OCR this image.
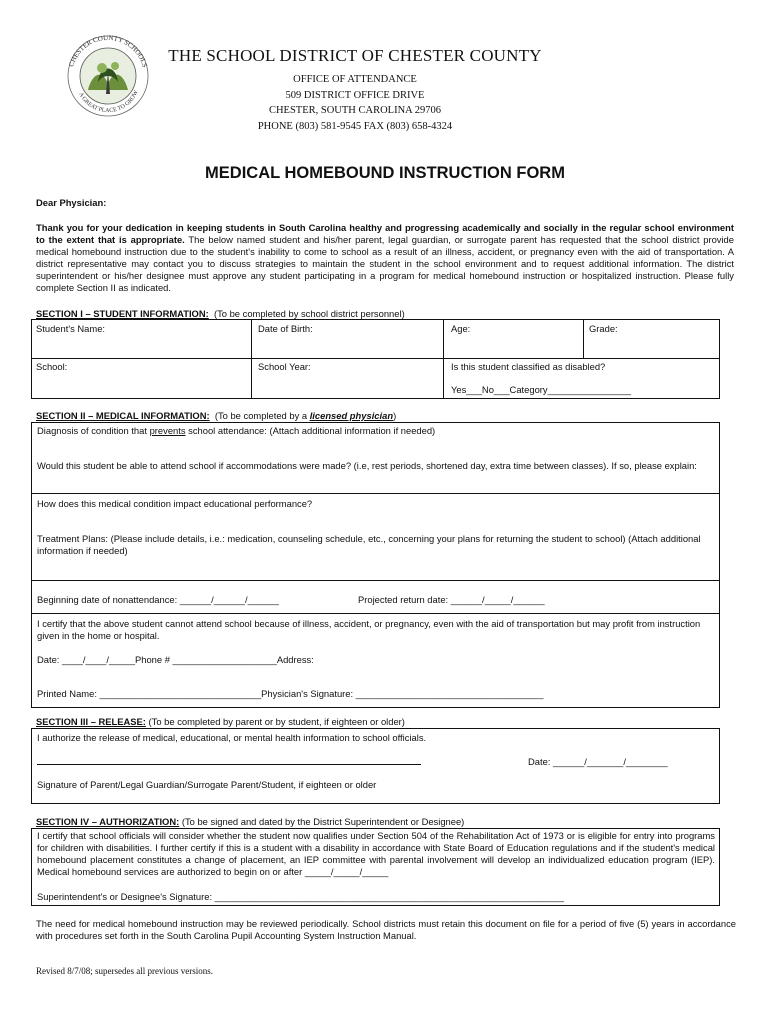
CHESTER COUNTY SCHOOLS
A GREAT PLACE TO GROW
THE SCHOOL DISTRICT OF CHESTER COUNTY
OFFICE OF ATTENDANCE
509 DISTRICT OFFICE DRIVE
CHESTER, SOUTH CAROLINA 29706
PHONE (803) 581-9545 FAX (803) 658-4324
MEDICAL HOMEBOUND INSTRUCTION FORM
Dear Physician:
Thank you for your dedication in keeping students in South Carolina healthy and progressing academically and socially in the regular school environment to the extent that is appropriate. The below named student and his/her parent, legal guardian, or surrogate parent has requested that the school district provide medical homebound instruction due to the student's inability to come to school as a result of an illness, accident, or pregnancy even with the aid of transportation. A district representative may contact you to discuss strategies to maintain the student in the school environment and to request additional information. The district superintendent or his/her designee must approve any student participating in a program for medical homebound instruction or hospitalized instruction. Please fully complete Section II as indicated.
SECTION I – STUDENT INFORMATION: (To be completed by school district personnel)
Student's Name:	Date of Birth:	Age:	Grade:
School:	School Year:	Is this student classified as disabled?
Yes___No___Category________________
SECTION II – MEDICAL INFORMATION: (To be completed by a licensed physician)
Diagnosis of condition that prevents school attendance: (Attach additional information if needed)
Would this student be able to attend school if accommodations were made? (i.e, rest periods, shortened day, extra time between classes). If so, please explain:
How does this medical condition impact educational performance?
Treatment Plans: (Please include details, i.e.: medication, counseling schedule, etc., concerning your plans for returning the student to school) (Attach additional information if needed)
Beginning date of nonattendance: ______/______/______	Projected return date: ______/_____/______
I certify that the above student cannot attend school because of illness, accident, or pregnancy, even with the aid of transportation but may profit from instruction given in the home or hospital.
Date: ____/____/_____Phone # ____________________Address:
Printed Name: _______________________________Physician's Signature: ____________________________________
SECTION III – RELEASE: (To be completed by parent or by student, if eighteen or older)
I authorize the release of medical, educational, or mental health information to school officials.
Date: ______/_______/________
Signature of Parent/Legal Guardian/Surrogate Parent/Student, if eighteen or older
SECTION IV – AUTHORIZATION: (To be signed and dated by the District Superintendent or Designee)
I certify that school officials will consider whether the student now qualifies under Section 504 of the Rehabilitation Act of 1973 or is eligible for entry into programs for children with disabilities. I further certify if this is a student with a disability in accordance with State Board of Education regulations and if the student's medical homebound placement constitutes a change of placement, an IEP committee with parental involvement will develop an individualized education program (IEP). Medical homebound services are authorized to begin on or after _____/_____/_____
Superintendent's or Designee's Signature: ___________________________________________________________________
The need for medical homebound instruction may be reviewed periodically. School districts must retain this document on file for a period of five (5) years in accordance with procedures set forth in the South Carolina Pupil Accounting System Instruction Manual.
Revised 8/7/08; supersedes all previous versions.
